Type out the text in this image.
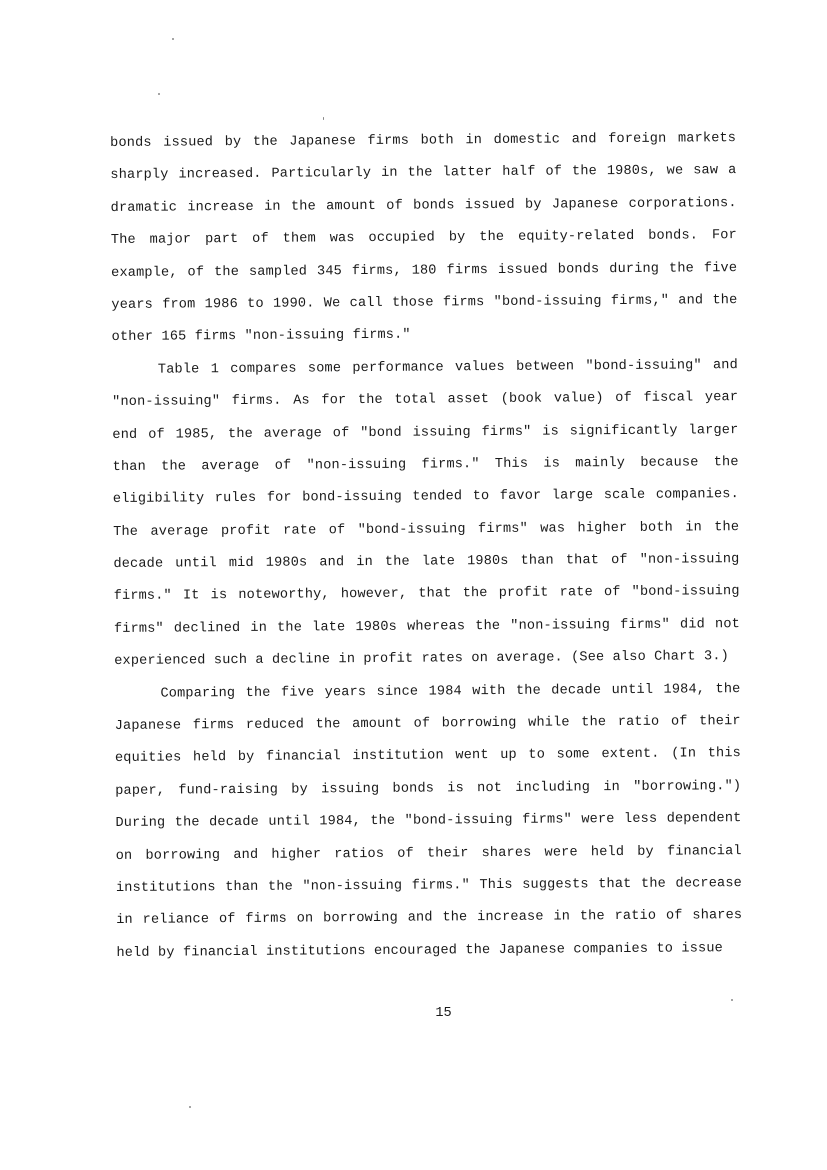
bonds issued by the Japanese firms both in domestic and foreign markets
sharply increased. Particularly in the latter half of the 1980s, we saw a
dramatic increase in the amount of bonds issued by Japanese corporations.
The major part of them was occupied by the equity-related bonds. For
example, of the sampled 345 firms, 180 firms issued bonds during the five
years from 1986 to 1990. We call those firms "bond-issuing firms," and the
other 165 firms "non-issuing firms."
Table 1 compares some performance values between "bond-issuing" and
"non-issuing" firms. As for the total asset (book value) of fiscal year
end of 1985, the average of "bond issuing firms" is significantly larger
than the average of "non-issuing firms." This is mainly because the
eligibility rules for bond-issuing tended to favor large scale companies.
The average profit rate of "bond-issuing firms" was higher both in the
decade until mid 1980s and in the late 1980s than that of "non-issuing
firms." It is noteworthy, however, that the profit rate of "bond-issuing
firms" declined in the late 1980s whereas the "non-issuing firms" did not
experienced such a decline in profit rates on average. (See also Chart 3.)
Comparing the five years since 1984 with the decade until 1984, the
Japanese firms reduced the amount of borrowing while the ratio of their
equities held by financial institution went up to some extent. (In this
paper, fund-raising by issuing bonds is not including in "borrowing.")
During the decade until 1984, the "bond-issuing firms" were less dependent
on borrowing and higher ratios of their shares were held by financial
institutions than the "non-issuing firms." This suggests that the decrease
in reliance of firms on borrowing and the increase in the ratio of shares
held by financial institutions encouraged the Japanese companies to issue
15
